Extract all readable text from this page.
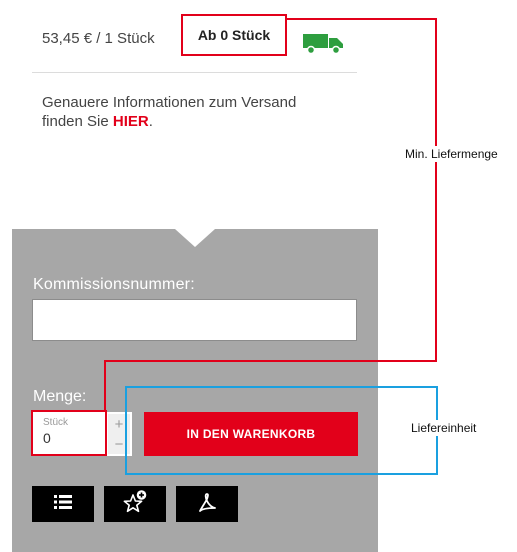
53,45 € / 1 Stück	Ab 0 Stück
Genauere Informationen zum Versand
finden Sie HIER.
Kommissionsnummer:
Menge:
Stück
0
+
−
IN DEN WARENKORB
Min. Liefermenge
Liefereinheit
